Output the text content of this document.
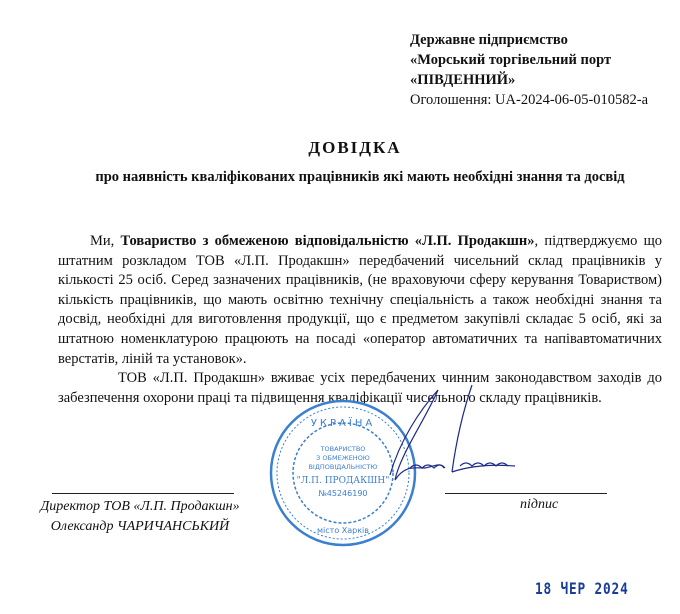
Державне підприємство
«Морський торгівельний порт
«ПІВДЕННИЙ»
Оголошення: UA-2024-06-05-010582-a
ДОВІДКА
про наявність кваліфікованих працівників які мають необхідні знання та досвід

Ми, Товариство з обмеженою відповідальністю «Л.П. Продакшн», підтверджуємо що штатним розкладом ТОВ «Л.П. Продакшн» передбачений чисельний склад працівників у кількості 25 осіб. Серед зазначених працівників, (не враховуючи сферу керування Товариством) кількість працівників, що мають освітню технічну спеціальність а також необхідні знання та досвід, необхідні для виготовлення продукції, що є предметом закупівлі складає 5 осіб, які за штатною номенклатурою працюють на посаді «оператор автоматичних та напівавтоматичних верстатів, ліній та установок».

ТОВ «Л.П. Продакшн» вживає усіх передбачених чинним законодавством заходів до забезпечення охорони праці та підвищення кваліфікації чисельного складу працівників.

Директор ТОВ «Л.П. Продакшн»
Олександр ЧАРИЧАНСЬКИЙ
підпис
УКРАЇНА
ТОВАРИСТВО
З ОБМЕЖЕНОЮ
ВІДПОВІДАЛЬНІСТЮ
"Л.П. ПРОДАКШН"
№45246190
місто Харків
18 ЧЕР 2024
